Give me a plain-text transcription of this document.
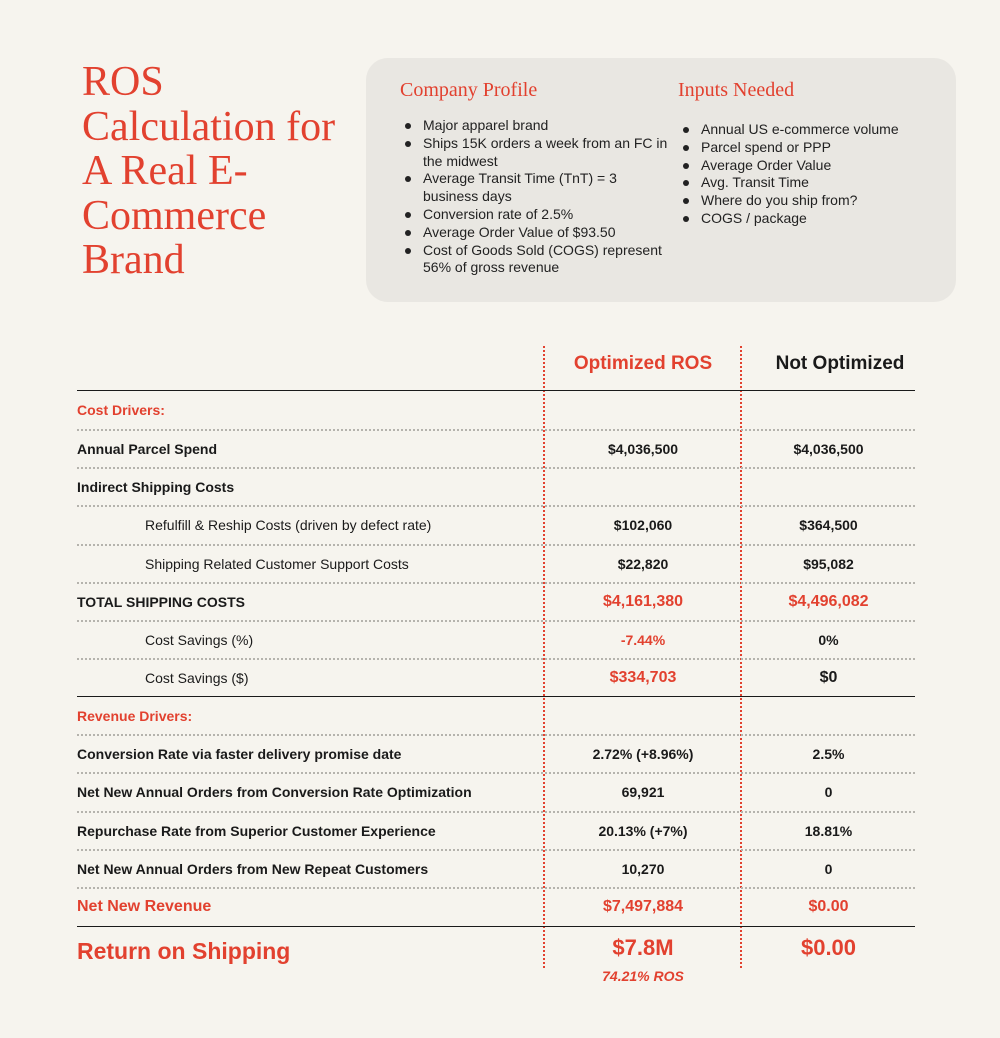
ROS Calculation for A Real E-Commerce Brand
Company Profile
Major apparel brand
Ships 15K orders a week from an FC in the midwest
Average Transit Time (TnT) = 3 business days
Conversion rate of 2.5%
Average Order Value of $93.50
Cost of Goods Sold (COGS) represent 56% of gross revenue
Inputs Needed
Annual US e-commerce volume
Parcel spend or PPP
Average Order Value
Avg. Transit Time
Where do you ship from?
COGS / package
Optimized ROS	Not Optimized
Cost Drivers:
Annual Parcel Spend	$4,036,500	$4,036,500
Indirect Shipping Costs
Refulfill & Reship Costs (driven by defect rate)	$102,060	$364,500
Shipping Related Customer Support Costs	$22,820	$95,082
TOTAL SHIPPING COSTS	$4,161,380	$4,496,082
Cost Savings (%)	-7.44%	0%
Cost Savings ($)	$334,703	$0
Revenue Drivers:
Conversion Rate via faster delivery promise date	2.72% (+8.96%)	2.5%
Net New Annual Orders from Conversion Rate Optimization	69,921	0
Repurchase Rate from Superior Customer Experience	20.13% (+7%)	18.81%
Net New Annual Orders from New Repeat Customers	10,270	0
Net New Revenue	$7,497,884	$0.00
Return on Shipping	$7.8M	$0.00
74.21% ROS
